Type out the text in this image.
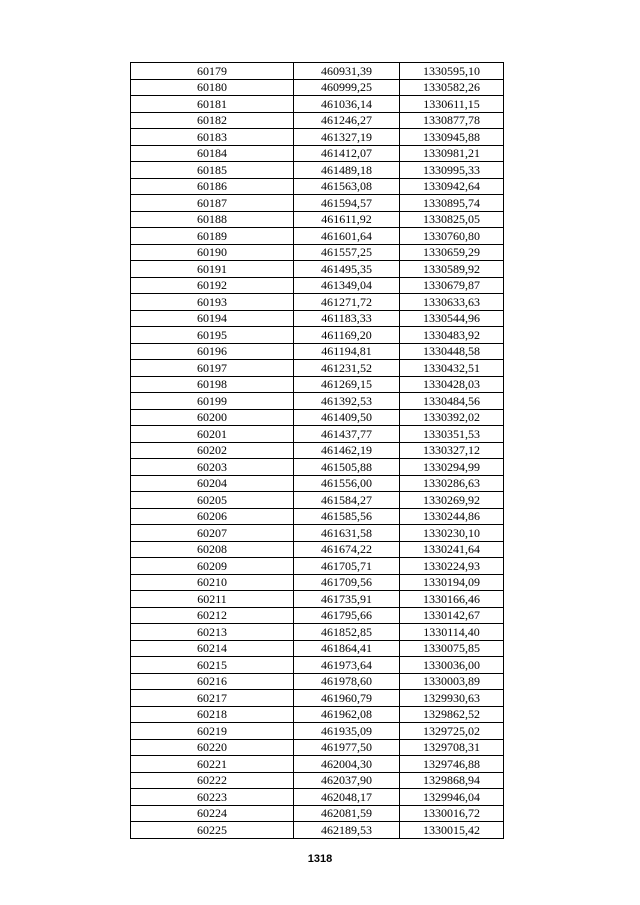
60179	460931,39	1330595,10
60180	460999,25	1330582,26
60181	461036,14	1330611,15
60182	461246,27	1330877,78
60183	461327,19	1330945,88
60184	461412,07	1330981,21
60185	461489,18	1330995,33
60186	461563,08	1330942,64
60187	461594,57	1330895,74
60188	461611,92	1330825,05
60189	461601,64	1330760,80
60190	461557,25	1330659,29
60191	461495,35	1330589,92
60192	461349,04	1330679,87
60193	461271,72	1330633,63
60194	461183,33	1330544,96
60195	461169,20	1330483,92
60196	461194,81	1330448,58
60197	461231,52	1330432,51
60198	461269,15	1330428,03
60199	461392,53	1330484,56
60200	461409,50	1330392,02
60201	461437,77	1330351,53
60202	461462,19	1330327,12
60203	461505,88	1330294,99
60204	461556,00	1330286,63
60205	461584,27	1330269,92
60206	461585,56	1330244,86
60207	461631,58	1330230,10
60208	461674,22	1330241,64
60209	461705,71	1330224,93
60210	461709,56	1330194,09
60211	461735,91	1330166,46
60212	461795,66	1330142,67
60213	461852,85	1330114,40
60214	461864,41	1330075,85
60215	461973,64	1330036,00
60216	461978,60	1330003,89
60217	461960,79	1329930,63
60218	461962,08	1329862,52
60219	461935,09	1329725,02
60220	461977,50	1329708,31
60221	462004,30	1329746,88
60222	462037,90	1329868,94
60223	462048,17	1329946,04
60224	462081,59	1330016,72
60225	462189,53	1330015,42
1318
